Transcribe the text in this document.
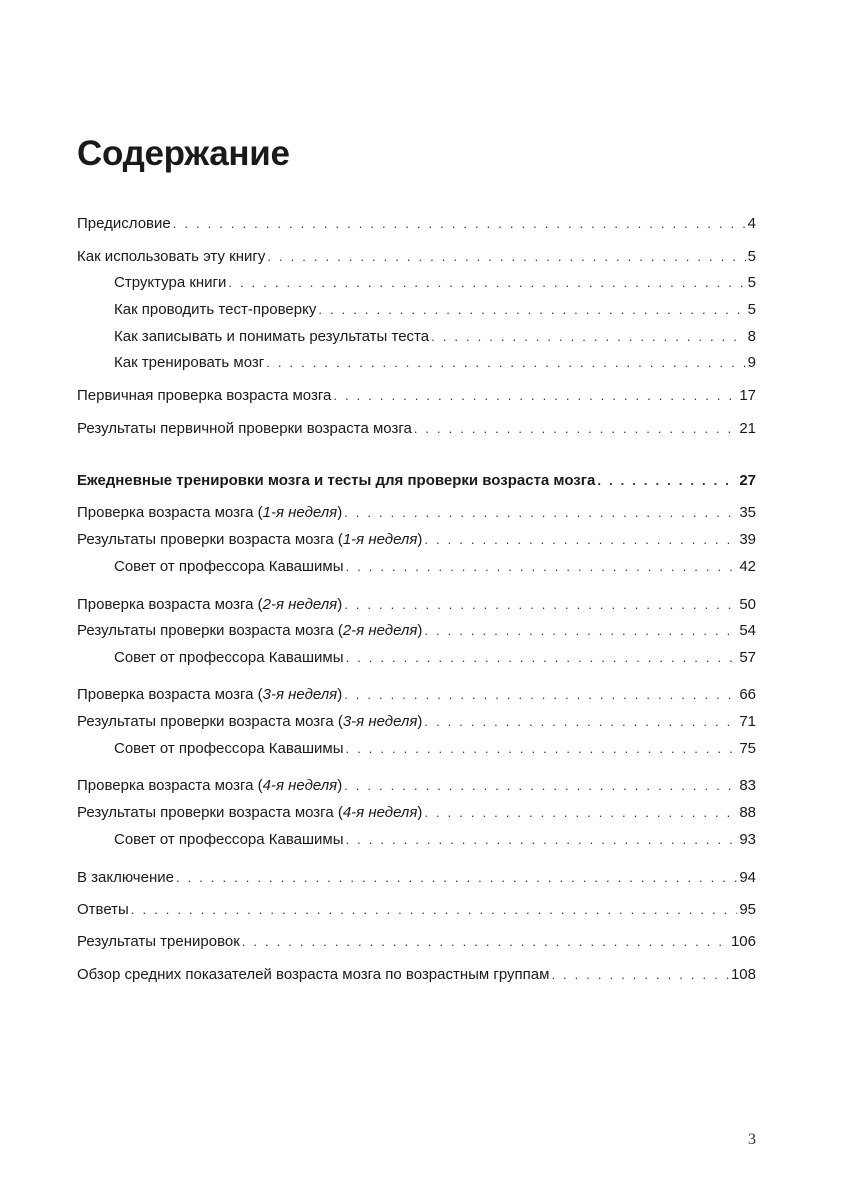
Содержание
Предисловие . . .	4
Как использовать эту книгу . . .	5
Структура книги . . .	5
Как проводить тест-проверку . . .	5
Как записывать и понимать результаты теста . . .	8
Как тренировать мозг . . .	9
Первичная проверка возраста мозга . . .	17
Результаты первичной проверки возраста мозга . . .	21
Ежедневные тренировки мозга и тесты для проверки возраста мозга . . .	27
Проверка возраста мозга (1-я неделя) . . .	35
Результаты проверки возраста мозга (1-я неделя) . . .	39
Совет от профессора Кавашимы . . .	42
Проверка возраста мозга (2-я неделя) . . .	50
Результаты проверки возраста мозга (2-я неделя) . . .	54
Совет от профессора Кавашимы . . .	57
Проверка возраста мозга (3-я неделя) . . .	66
Результаты проверки возраста мозга (3-я неделя) . . .	71
Совет от профессора Кавашимы . . .	75
Проверка возраста мозга (4-я неделя) . . .	83
Результаты проверки возраста мозга (4-я неделя) . . .	88
Совет от профессора Кавашимы . . .	93
В заключение . . .	94
Ответы . . .	95
Результаты тренировок . . .	106
Обзор средних показателей возраста мозга по возрастным группам . . .	108
3
